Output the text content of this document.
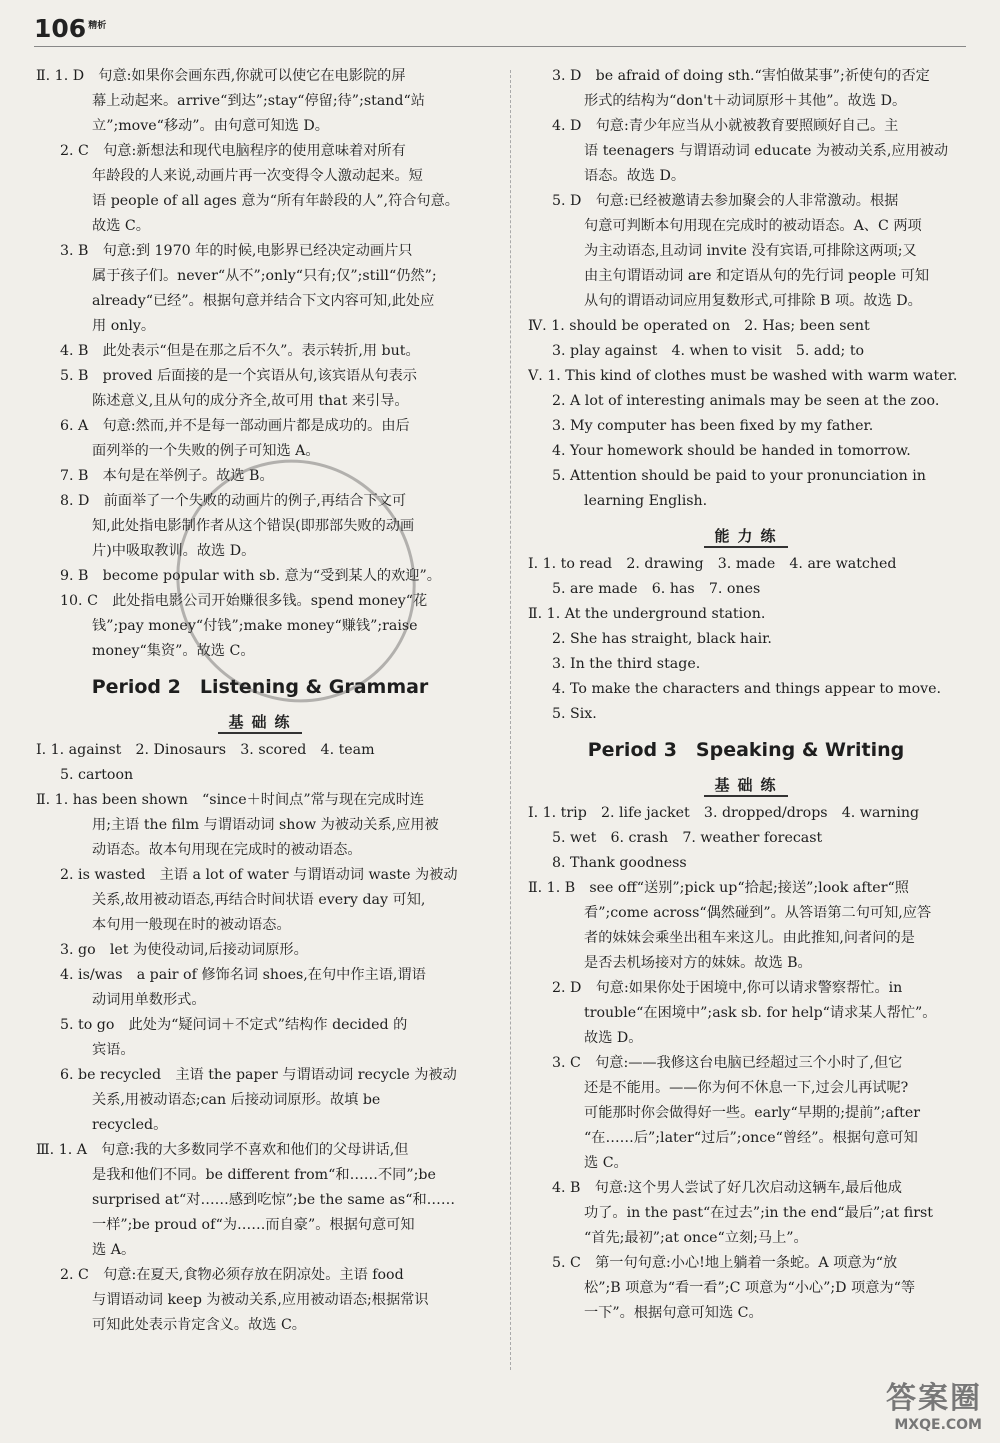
106 $^{精析}$
Ⅱ. 1. D　句意:如果你会画东西,你就可以使它在电影院的屏
幕上动起来。arrive“到达”;stay“停留;待”;stand“站
立”;move“移动”。由句意可知选 D。
2. C　句意:新想法和现代电脑程序的使用意味着对所有
年龄段的人来说,动画片再一次变得令人激动起来。短
语 people of all ages 意为“所有年龄段的人”,符合句意。
故选 C。
3. B　句意:到 1970 年的时候,电影界已经决定动画片只
属于孩子们。never“从不”;only“只有;仅”;still“仍然”;
already“已经”。根据句意并结合下文内容可知,此处应
用 only。
4. B　此处表示“但是在那之后不久”。表示转折,用 but。
5. B　proved 后面接的是一个宾语从句,该宾语从句表示
陈述意义,且从句的成分齐全,故可用 that 来引导。
6. A　句意:然而,并不是每一部动画片都是成功的。由后
面列举的一个失败的例子可知选 A。
7. B　本句是在举例子。故选 B。
8. D　前面举了一个失败的动画片的例子,再结合下文可
知,此处指电影制作者从这个错误(即那部失败的动画
片)中吸取教训。故选 D。
9. B　become popular with sb. 意为“受到某人的欢迎”。
10. C　此处指电影公司开始赚很多钱。spend money“花
钱”;pay money“付钱”;make money“赚钱”;raise
money“集资”。故选 C。
Period 2　Listening & Grammar
基础练
Ⅰ. 1. against　2. Dinosaurs　3. scored　4. team
5. cartoon
Ⅱ. 1. has been shown　“since＋时间点”常与现在完成时连
用;主语 the film 与谓语动词 show 为被动关系,应用被
动语态。故本句用现在完成时的被动语态。
2. is wasted　主语 a lot of water 与谓语动词 waste 为被动
关系,故用被动语态,再结合时间状语 every day 可知,
本句用一般现在时的被动语态。
3. go　let 为使役动词,后接动词原形。
4. is/was　a pair of 修饰名词 shoes,在句中作主语,谓语
动词用单数形式。
5. to go　此处为“疑问词＋不定式”结构作 decided 的
宾语。
6. be recycled　主语 the paper 与谓语动词 recycle 为被动
关系,用被动语态;can 后接动词原形。故填 be
recycled。
Ⅲ. 1. A　句意:我的大多数同学不喜欢和他们的父母讲话,但
是我和他们不同。be different from“和……不同”;be
surprised at“对……感到吃惊”;be the same as“和……
一样”;be proud of“为……而自豪”。根据句意可知
选 A。
2. C　句意:在夏天,食物必须存放在阴凉处。主语 food
与谓语动词 keep 为被动关系,应用被动语态;根据常识
可知此处表示肯定含义。故选 C。
3. D　be afraid of doing sth.“害怕做某事”;祈使句的否定
形式的结构为“don't＋动词原形＋其他”。故选 D。
4. D　句意:青少年应当从小就被教育要照顾好自己。主
语 teenagers 与谓语动词 educate 为被动关系,应用被动
语态。故选 D。
5. D　句意:已经被邀请去参加聚会的人非常激动。根据
句意可判断本句用现在完成时的被动语态。A、C 两项
为主动语态,且动词 invite 没有宾语,可排除这两项;又
由主句谓语动词 are 和定语从句的先行词 people 可知
从句的谓语动词应用复数形式,可排除 B 项。故选 D。
Ⅳ. 1. should be operated on　2. Has; been sent
3. play against　4. when to visit　5. add; to
Ⅴ. 1. This kind of clothes must be washed with warm water.
2. A lot of interesting animals may be seen at the zoo.
3. My computer has been fixed by my father.
4. Your homework should be handed in tomorrow.
5. Attention should be paid to your pronunciation in
learning English.
能力练
Ⅰ. 1. to read　2. drawing　3. made　4. are watched
5. are made　6. has　7. ones
Ⅱ. 1. At the underground station.
2. She has straight, black hair.
3. In the third stage.
4. To make the characters and things appear to move.
5. Six.
Period 3　Speaking & Writing
基础练
Ⅰ. 1. trip　2. life jacket　3. dropped/drops　4. warning
5. wet　6. crash　7. weather forecast
8. Thank goodness
Ⅱ. 1. B　see off“送别”;pick up“拾起;接送”;look after“照
看”;come across“偶然碰到”。从答语第二句可知,应答
者的妹妹会乘坐出租车来这儿。由此推知,问者问的是
是否去机场接对方的妹妹。故选 B。
2. D　句意:如果你处于困境中,你可以请求警察帮忙。in
trouble“在困境中”;ask sb. for help“请求某人帮忙”。
故选 D。
3. C　句意:——我修这台电脑已经超过三个小时了,但它
还是不能用。——你为何不休息一下,过会儿再试呢?
可能那时你会做得好一些。early“早期的;提前”;after
“在……后”;later“过后”;once“曾经”。根据句意可知
选 C。
4. B　句意:这个男人尝试了好几次启动这辆车,最后他成
功了。in the past“在过去”;in the end“最后”;at first
“首先;最初”;at once“立刻;马上”。
5. C　第一句句意:小心!地上躺着一条蛇。A 项意为“放
松”;B 项意为“看一看”;C 项意为“小心”;D 项意为“等
一下”。根据句意可知选 C。
答案圈
MXQE.COM
